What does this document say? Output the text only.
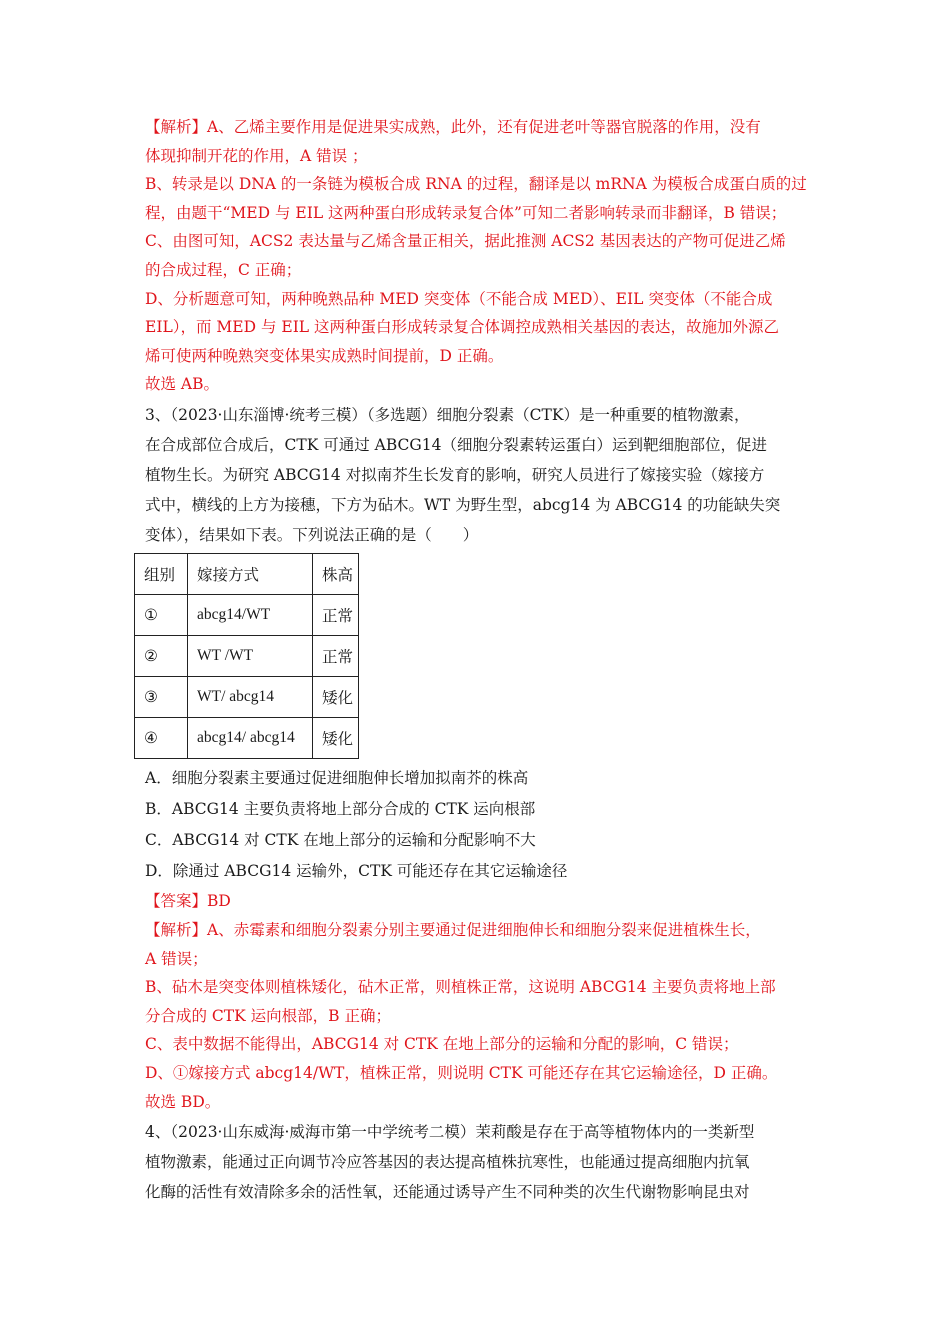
【解析】A、乙烯主要作用是促进果实成熟，此外，还有促进老叶等器官脱落的作用，没有
体现抑制开花的作用，A 错误 ；
B、转录是以 DNA 的一条链为模板合成 RNA 的过程，翻译是以 mRNA 为模板合成蛋白质的过
程，由题干“MED 与 EIL 这两种蛋白形成转录复合体”可知二者影响转录而非翻译，B 错误；
C、由图可知，ACS2 表达量与乙烯含量正相关，据此推测 ACS2 基因表达的产物可促进乙烯
的合成过程，C 正确；
D、分析题意可知，两种晚熟品种 MED 突变体（不能合成 MED）、EIL 突变体（不能合成
EIL），而 MED 与 EIL 这两种蛋白形成转录复合体调控成熟相关基因的表达，故施加外源乙
烯可使两种晚熟突变体果实成熟时间提前，D 正确。
故选 AB。
3、（2023·山东淄博·统考三模）（多选题）细胞分裂素（CTK）是一种重要的植物激素，
在合成部位合成后，CTK 可通过 ABCG14（细胞分裂素转运蛋白）运到靶细胞部位，促进
植物生长。为研究 ABCG14 对拟南芥生长发育的影响，研究人员进行了嫁接实验（嫁接方
式中，横线的上方为接穗，下方为砧木。WT 为野生型，abcg14 为 ABCG14 的功能缺失突
变体），结果如下表。下列说法正确的是（　　）
组别	嫁接方式	株高
①	abcg14/WT	正常
②	WT /WT	正常
③	WT/ abcg14	矮化
④	abcg14/ abcg14	矮化
A．细胞分裂素主要通过促进细胞伸长增加拟南芥的株高
B．ABCG14 主要负责将地上部分合成的 CTK 运向根部
C．ABCG14 对 CTK 在地上部分的运输和分配影响不大
D．除通过 ABCG14 运输外，CTK 可能还存在其它运输途径
【答案】BD
【解析】A、赤霉素和细胞分裂素分别主要通过促进细胞伸长和细胞分裂来促进植株生长，
A 错误；
B、砧木是突变体则植株矮化，砧木正常，则植株正常，这说明 ABCG14 主要负责将地上部
分合成的 CTK 运向根部，B 正确；
C、表中数据不能得出，ABCG14 对 CTK 在地上部分的运输和分配的影响，C 错误；
D、①嫁接方式 abcg14/WT，植株正常，则说明 CTK 可能还存在其它运输途径，D 正确。
故选 BD。
4、（2023·山东威海·威海市第一中学统考二模）茉莉酸是存在于高等植物体内的一类新型
植物激素，能通过正向调节冷应答基因的表达提高植株抗寒性，也能通过提高细胞内抗氧
化酶的活性有效清除多余的活性氧，还能通过诱导产生不同种类的次生代谢物影响昆虫对
